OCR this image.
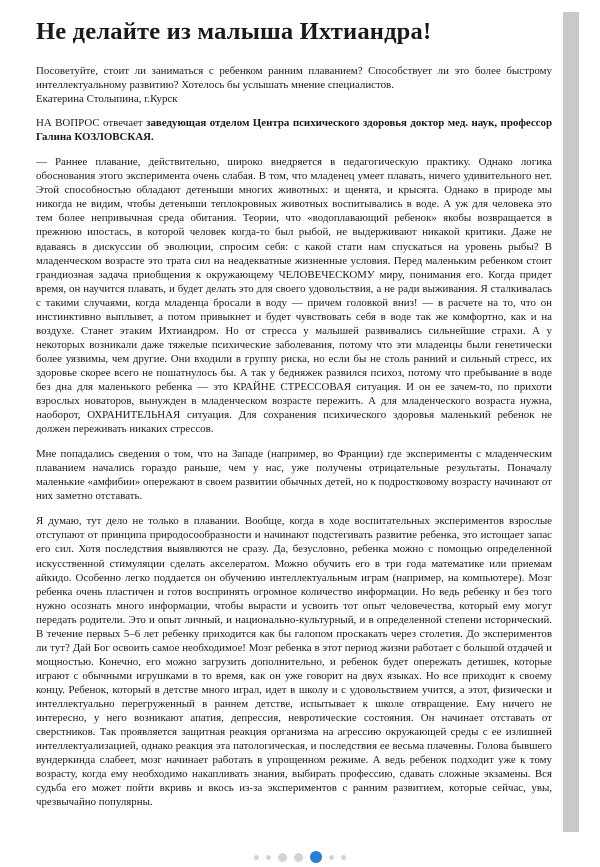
Не делайте из малыша Ихтиандра!

Посоветуйте, стоит ли заниматься с ребенком ранним плаванием? Способствует ли это более быстрому интеллектуальному развитию? Хотелось бы услышать мнение специалистов.
Екатерина Столыпина, г.Курск

НА ВОПРОС отвечает заведующая отделом Центра психического здоровья доктор мед. наук, профессор Галина КОЗЛОВСКАЯ.

— Раннее плавание, действительно, широко внедряется в педагогическую практику. Однако логика обоснования этого эксперимента очень слабая. В том, что младенец умеет плавать, ничего удивительного нет. Этой способностью обладают детеныши многих животных: и щенята, и крысята. Однако в природе мы никогда не видим, чтобы детеныши теплокровных животных воспитывались в воде. А уж для человека это тем более непривычная среда обитания. Теории, что «водоплавающий ребенок» якобы возвращается в прежнюю ипостась, в которой человек когда-то был рыбой, не выдерживают никакой критики. Даже не вдаваясь в дискуссии об эволюции, спросим себя: с какой стати нам спускаться на уровень рыбы? В младенческом возрасте это трата сил на неадекватные жизненные условия. Перед маленьким ребенком стоит грандиозная задача приобщения к окружающему ЧЕЛОВЕЧЕСКОМУ миру, понимания его. Когда придет время, он научится плавать, и будет делать это для своего удовольствия, а не ради выживания. Я сталкивалась с такими случаями, когда младенца бросали в воду — причем головкой вниз! — в расчете на то, что он инстинктивно выплывет, а потом привыкнет и будет чувствовать себя в воде так же комфортно, как и на воздухе. Станет этаким Ихтиандром. Но от стресса у малышей развивались сильнейшие страхи. А у некоторых возникали даже тяжелые психические заболевания, потому что эти младенцы были генетически более уязвимы, чем другие. Они входили в группу риска, но если бы не столь ранний и сильный стресс, их здоровье скорее всего не пошатнулось бы. А так у бедняжек развился психоз, потому что пребывание в воде без дна для маленького ребенка — это КРАЙНЕ СТРЕССОВАЯ ситуация. И он ее зачем-то, по прихоти взрослых новаторов, вынужден в младенческом возрасте пережить. А для младенческого возраста нужна, наоборот, ОХРАНИТЕЛЬНАЯ ситуация. Для сохранения психического здоровья маленький ребенок не должен переживать никаких стрессов.

Мне попадались сведения о том, что на Западе (например, во Франции) где эксперименты с младенческим плаванием начались гораздо раньше, чем у нас, уже получены отрицательные результаты. Поначалу маленькие «амфибии» опережают в своем развитии обычных детей, но к подростковому возрасту начинают от них заметно отставать.

Я думаю, тут дело не только в плавании. Вообще, когда в ходе воспитательных экспериментов взрослые отступают от принципа природосообразности и начинают подстегивать развитие ребенка, это истощает запас его сил. Хотя последствия выявляются не сразу. Да, безусловно, ребенка можно с помощью определенной искусственной стимуляции сделать акселератом. Можно обучить его в три года математике или приемам айкидо. Особенно легко поддается он обучению интеллектуальным играм (например, на компьютере). Мозг ребенка очень пластичен и готов воспринять огромное количество информации. Но ведь ребенку и без того нужно осознать много информации, чтобы вырасти и усвоить тот опыт человечества, который ему могут передать родители. Это и опыт личный, и национально-культурный, и в определенной степени исторический. В течение первых 5–6 лет ребенку приходится как бы галопом проскакать через столетия. До экспериментов ли тут? Дай Бог освоить самое необходимое! Мозг ребенка в этот период жизни работает с большой отдачей и мощностью. Конечно, его можно загрузить дополнительно, и ребенок будет опережать детишек, которые играют с обычными игрушками в то время, как он уже говорит на двух языках. Но все приходит к своему концу. Ребенок, который в детстве много играл, идет в школу и с удовольствием учится, а этот, физически и интеллектуально перегруженный в раннем детстве, испытывает к школе отвращение. Ему ничего не интересно, у него возникают апатия, депрессия, невротические состояния. Он начинает отставать от сверстников. Так проявляется защитная реакция организма на агрессию окружающей среды с ее излишней интеллектуализацией, однако реакция эта патологическая, и последствия ее весьма плачевны. Голова бывшего вундеркинда слабеет, мозг начинает работать в упрощенном режиме. А ведь ребенок подходит уже к тому возрасту, когда ему необходимо накапливать знания, выбирать профессию, сдавать сложные экзамены. Вся судьба его может пойти вкривь и вкось из-за экспериментов с ранним развитием, которые сейчас, увы, чрезвычайно популярны.
